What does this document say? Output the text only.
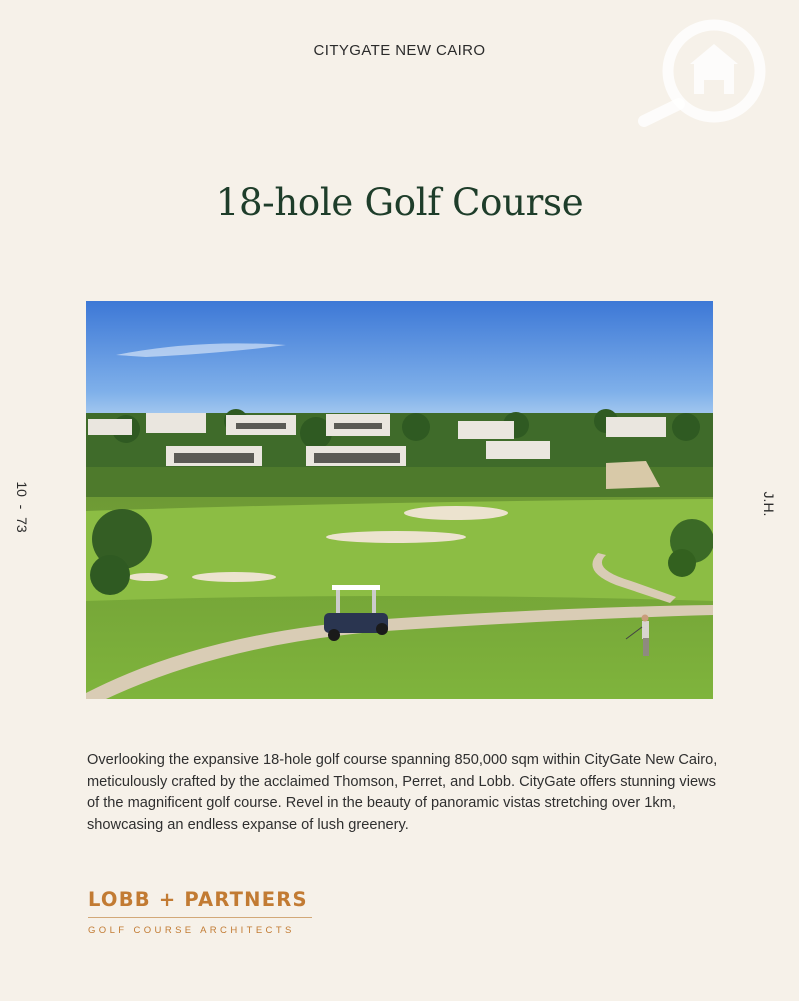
CITYGATE NEW CAIRO
18-hole Golf Course
10  -  73	J.H.
Overlooking the expansive 18-hole golf course spanning 850,000 sqm within CityGate New Cairo, meticulously crafted by the acclaimed Thomson, Perret, and Lobb. CityGate offers stunning views of the magnificent golf course. Revel in the beauty of panoramic vistas stretching over 1km, showcasing an endless expanse of lush greenery.
LOBB + PARTNERS
GOLF COURSE ARCHITECTS
